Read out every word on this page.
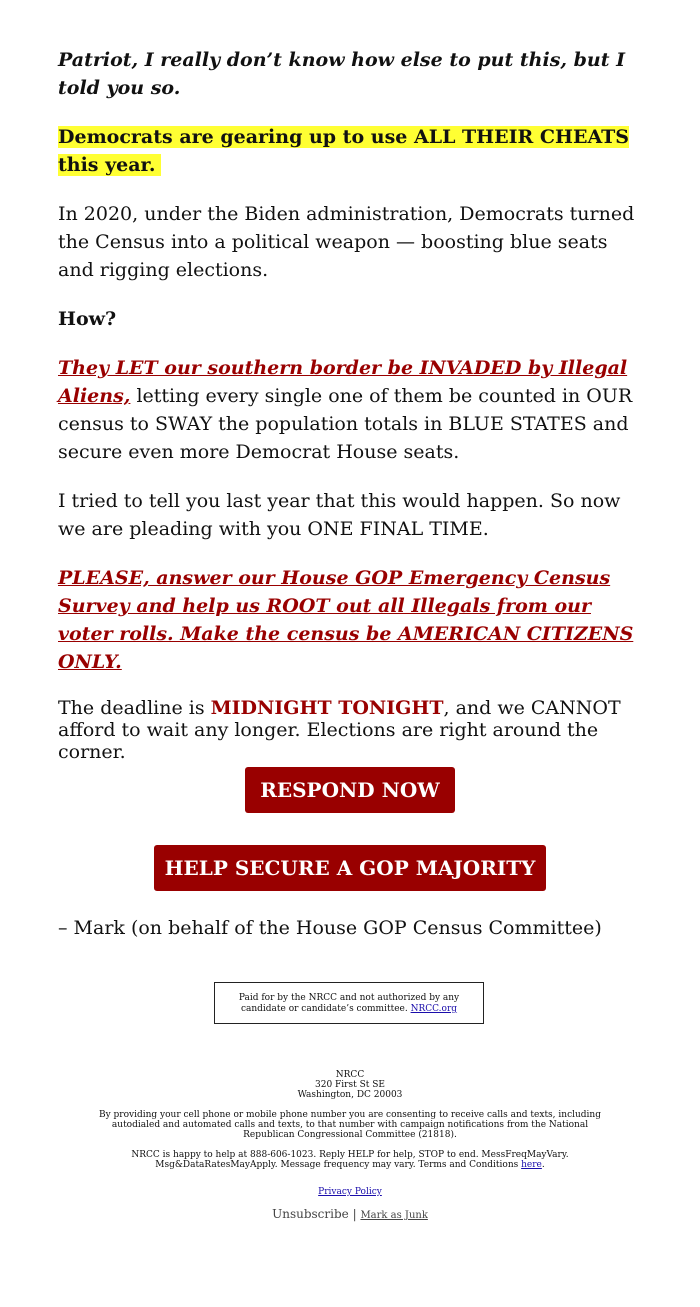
Patriot, I really don’t know how else to put this, but I told you so.

Democrats are gearing up to use ALL THEIR CHEATS this year.

In 2020, under the Biden administration, Democrats turned the Census into a political weapon — boosting blue seats and rigging elections.

How?

They LET our southern border be INVADED by Illegal Aliens, letting every single one of them be counted in OUR census to SWAY the population totals in BLUE STATES and secure even more Democrat House seats.

I tried to tell you last year that this would happen. So now we are pleading with you ONE FINAL TIME.

PLEASE, answer our House GOP Emergency Census Survey and help us ROOT out all Illegals from our voter rolls. Make the census be AMERICAN CITIZENS ONLY.

The deadline is MIDNIGHT TONIGHT, and we CANNOT afford to wait any longer. Elections are right around the corner.

RESPOND NOW
HELP SECURE A GOP MAJORITY
– Mark (on behalf of the House GOP Census Committee)
Paid for by the NRCC and not authorized by any candidate or candidate’s committee. NRCC.org
NRCC
320 First St SE
Washington, DC 20003
By providing your cell phone or mobile phone number you are consenting to receive calls and texts, including autodialed and automated calls and texts, to that number with campaign notifications from the National Republican Congressional Committee (21818).
NRCC is happy to help at 888-606-1023. Reply HELP for help, STOP to end. MessFreqMayVary. Msg&DataRatesMayApply. Message frequency may vary. Terms and Conditions here.
Privacy Policy
Unsubscribe | Mark as Junk
